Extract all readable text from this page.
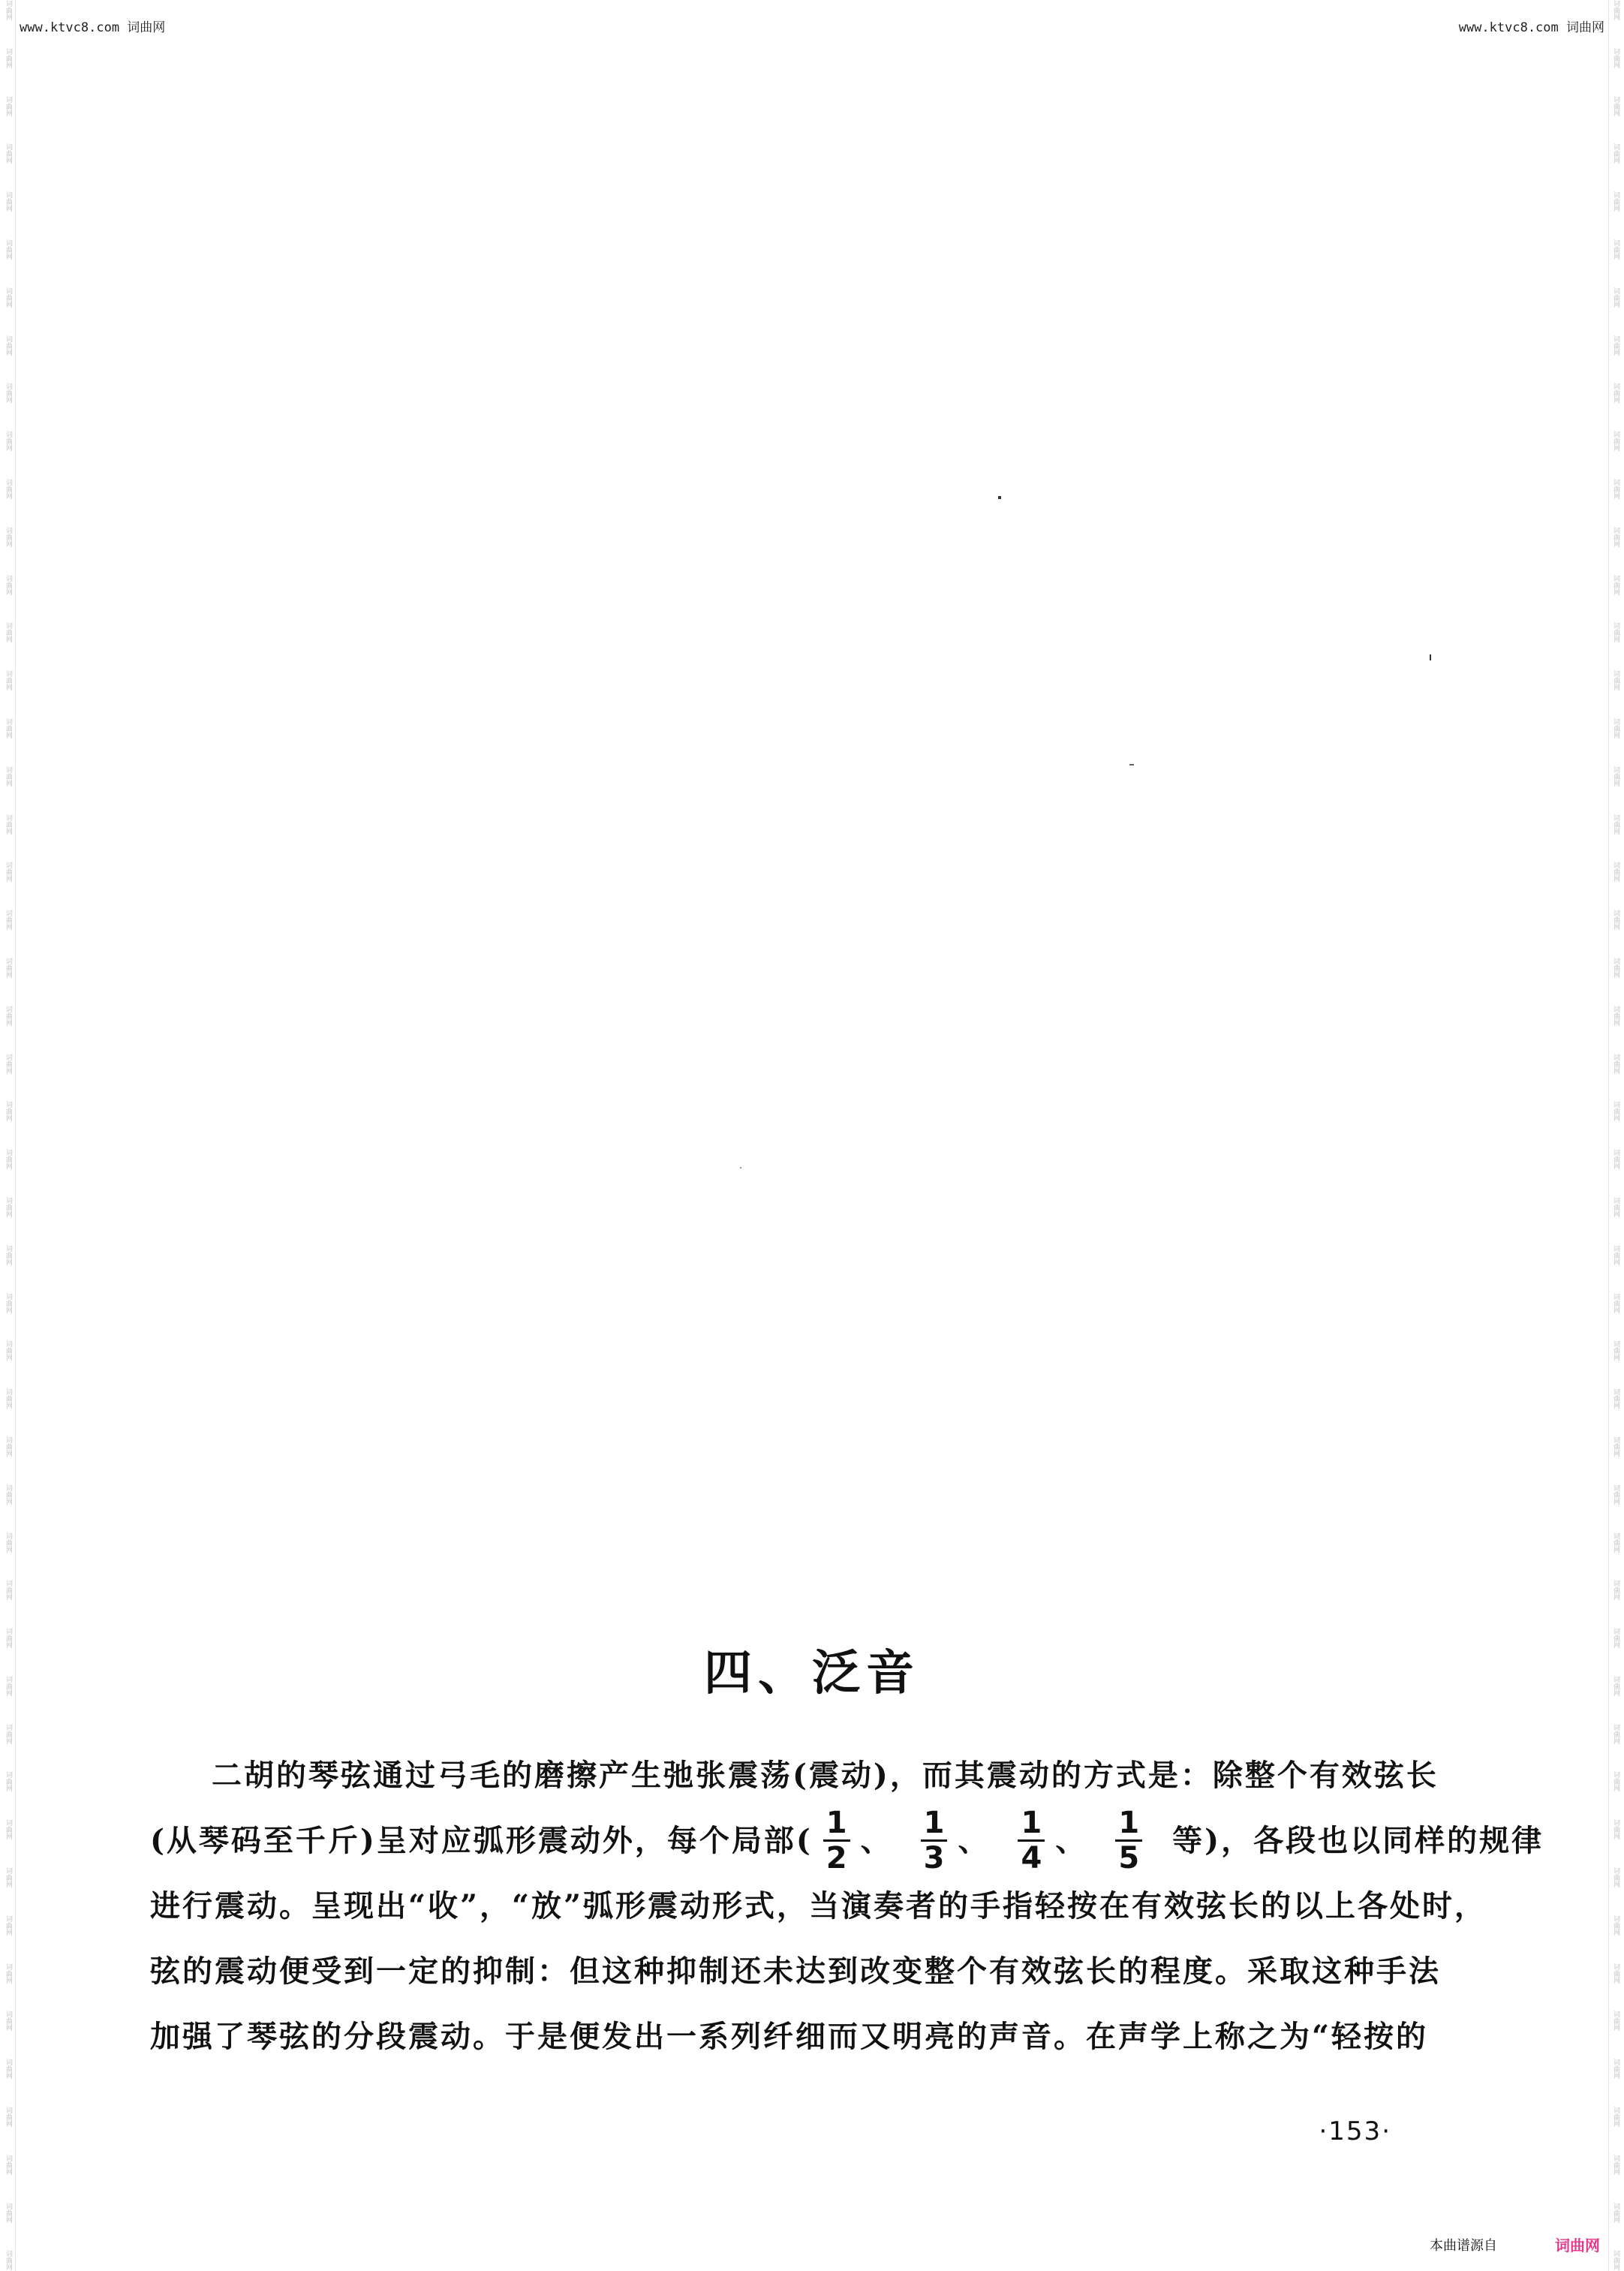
词曲网
词曲网
词曲网
词曲网
词曲网
词曲网
词曲网
词曲网
词曲网
词曲网
词曲网
词曲网
词曲网
词曲网
词曲网
词曲网
词曲网
词曲网
词曲网
词曲网
词曲网
词曲网
词曲网
词曲网
词曲网
词曲网
词曲网
词曲网
词曲网
词曲网
词曲网
词曲网
词曲网
词曲网
词曲网
词曲网
词曲网
词曲网
词曲网
词曲网
词曲网
词曲网
词曲网
词曲网
词曲网
词曲网
词曲网
词曲网
词曲网
词曲网
词曲网
词曲网
词曲网
词曲网
词曲网
词曲网
词曲网
词曲网
词曲网
词曲网
词曲网
词曲网
词曲网
词曲网
词曲网
词曲网
词曲网
词曲网
词曲网
词曲网
词曲网
词曲网
词曲网
词曲网
词曲网
词曲网
词曲网
词曲网
词曲网
词曲网
词曲网
词曲网
词曲网
词曲网
词曲网
词曲网
词曲网
词曲网
词曲网
词曲网
词曲网
词曲网
词曲网
词曲网
词曲网
词曲网
www.ktvc8.com 词曲网	www.ktvc8.com 词曲网
四、泛音
二胡的琴弦通过弓毛的磨擦产生弛张震荡(震动)，而其震动的方式是：除整个有效弦长
(从琴码至千斤)呈对应弧形震动外，每个局部( $\frac{1}{2}$ 、 $\frac{1}{3}$ 、 $\frac{1}{4}$ 、 $\frac{1}{5}$ 等)，各段也以同样的规律
进行震动。呈现出“收”，“放”弧形震动形式，当演奏者的手指轻按在有效弦长的以上各处时，
弦的震动便受到一定的抑制：但这种抑制还未达到改变整个有效弦长的程度。采取这种手法
加强了琴弦的分段震动。于是便发出一系列纤细而又明亮的声音。在声学上称之为“轻按的
·153·
本曲谱源自	词曲网
